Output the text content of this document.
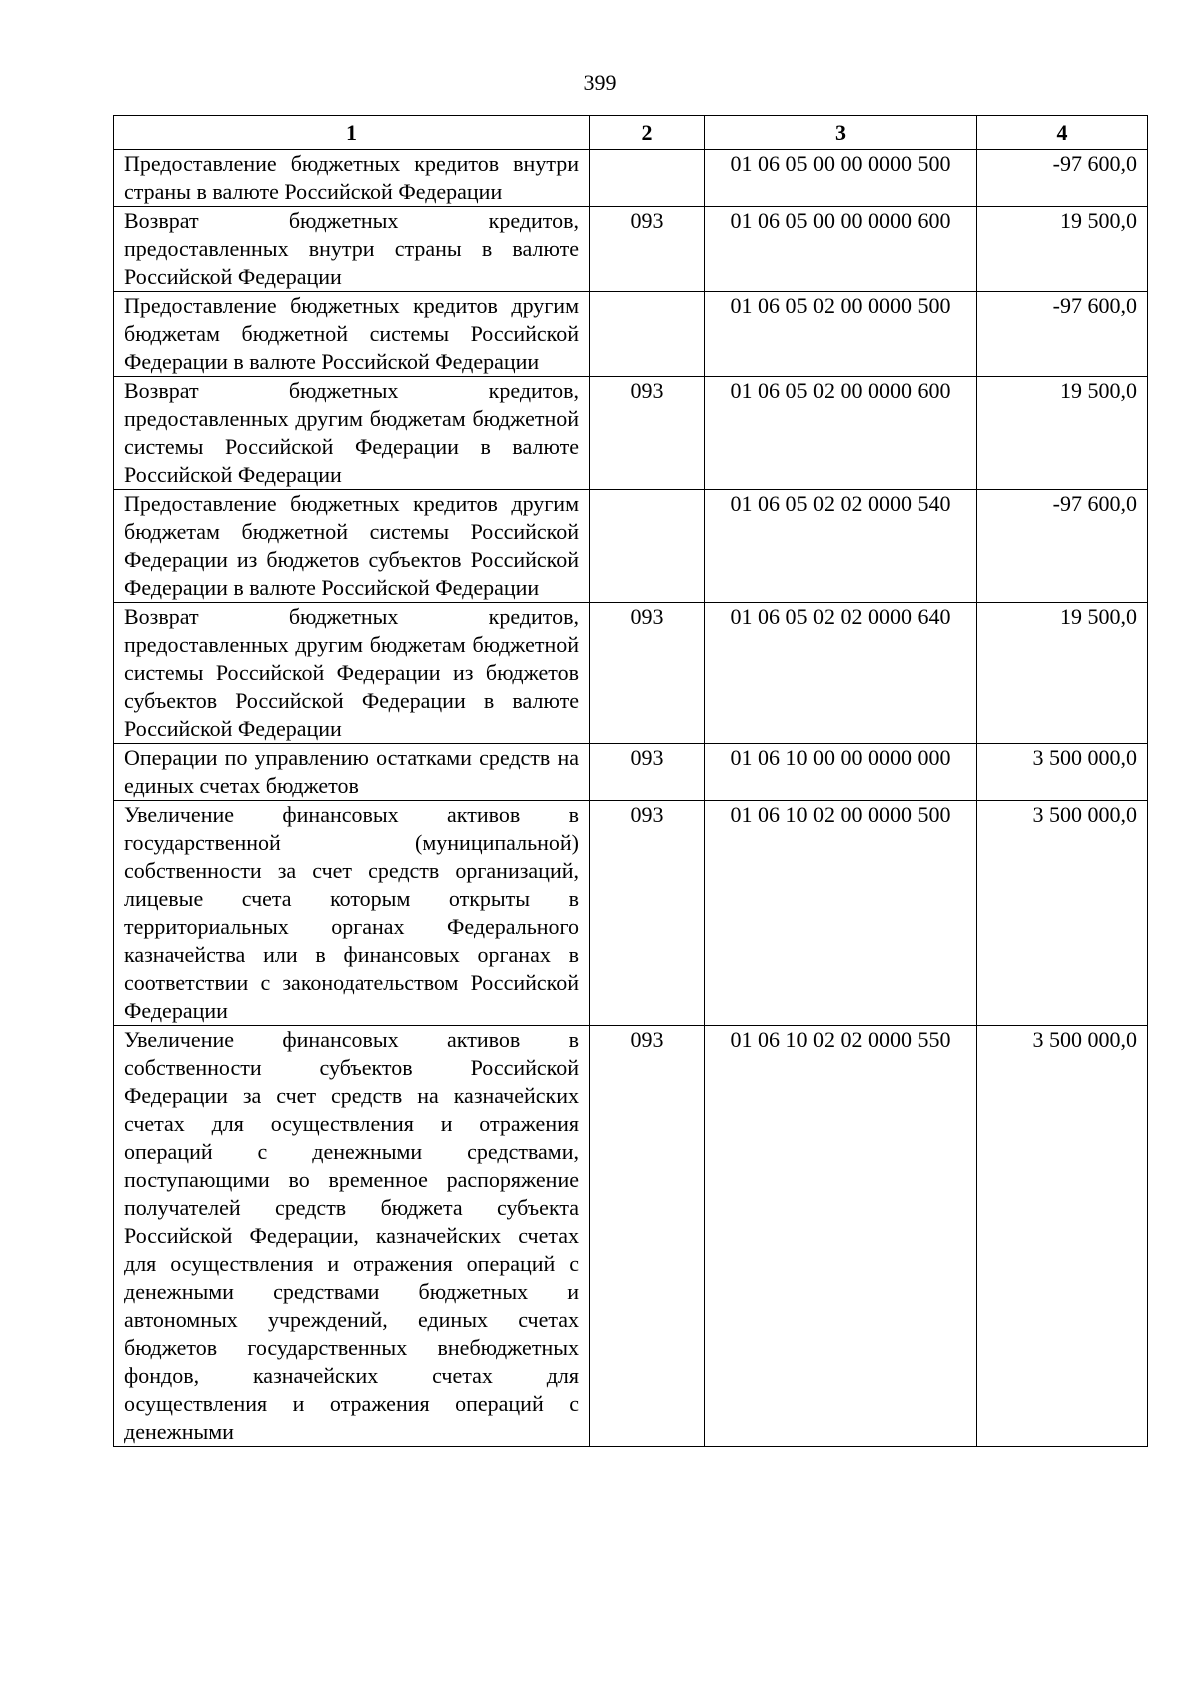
399
1	2	3	4
Предоставление бюджетных кредитов внутри страны в валюте Российской Федерации		01 06 05 00 00 0000 500	-97 600,0
Возврат бюджетных кредитов, предоставленных внутри страны в валюте Российской Федерации	093	01 06 05 00 00 0000 600	19 500,0
Предоставление бюджетных кредитов другим бюджетам бюджетной системы Российской Федерации в валюте Российской Федерации		01 06 05 02 00 0000 500	-97 600,0
Возврат бюджетных кредитов, предоставленных другим бюджетам бюджетной системы Российской Федерации в валюте Российской Федерации	093	01 06 05 02 00 0000 600	19 500,0
Предоставление бюджетных кредитов другим бюджетам бюджетной системы Российской Федерации из бюджетов субъектов Российской Федерации в валюте Российской Федерации		01 06 05 02 02 0000 540	-97 600,0
Возврат бюджетных кредитов, предоставленных другим бюджетам бюджетной системы Российской Федерации из бюджетов субъектов Российской Федерации в валюте Российской Федерации	093	01 06 05 02 02 0000 640	19 500,0
Операции по управлению остатками средств на единых счетах бюджетов	093	01 06 10 00 00 0000 000	3 500 000,0
Увеличение финансовых активов в государственной (муниципальной) собственности за счет средств организаций, лицевые счета которым открыты в территориальных органах Федерального казначейства или в финансовых органах в соответствии с законодательством Российской Федерации	093	01 06 10 02 00 0000 500	3 500 000,0
Увеличение финансовых активов в собственности субъектов Российской Федерации за счет средств на казначейских счетах для осуществления и отражения операций с денежными средствами, поступающими во временное распоряжение получателей средств бюджета субъекта Российской Федерации, казначейских счетах для осуществления и отражения операций с денежными средствами бюджетных и автономных учреждений, единых счетах бюджетов государственных внебюджетных фондов, казначейских счетах для осуществления и отражения операций с денежными	093	01 06 10 02 02 0000 550	3 500 000,0
